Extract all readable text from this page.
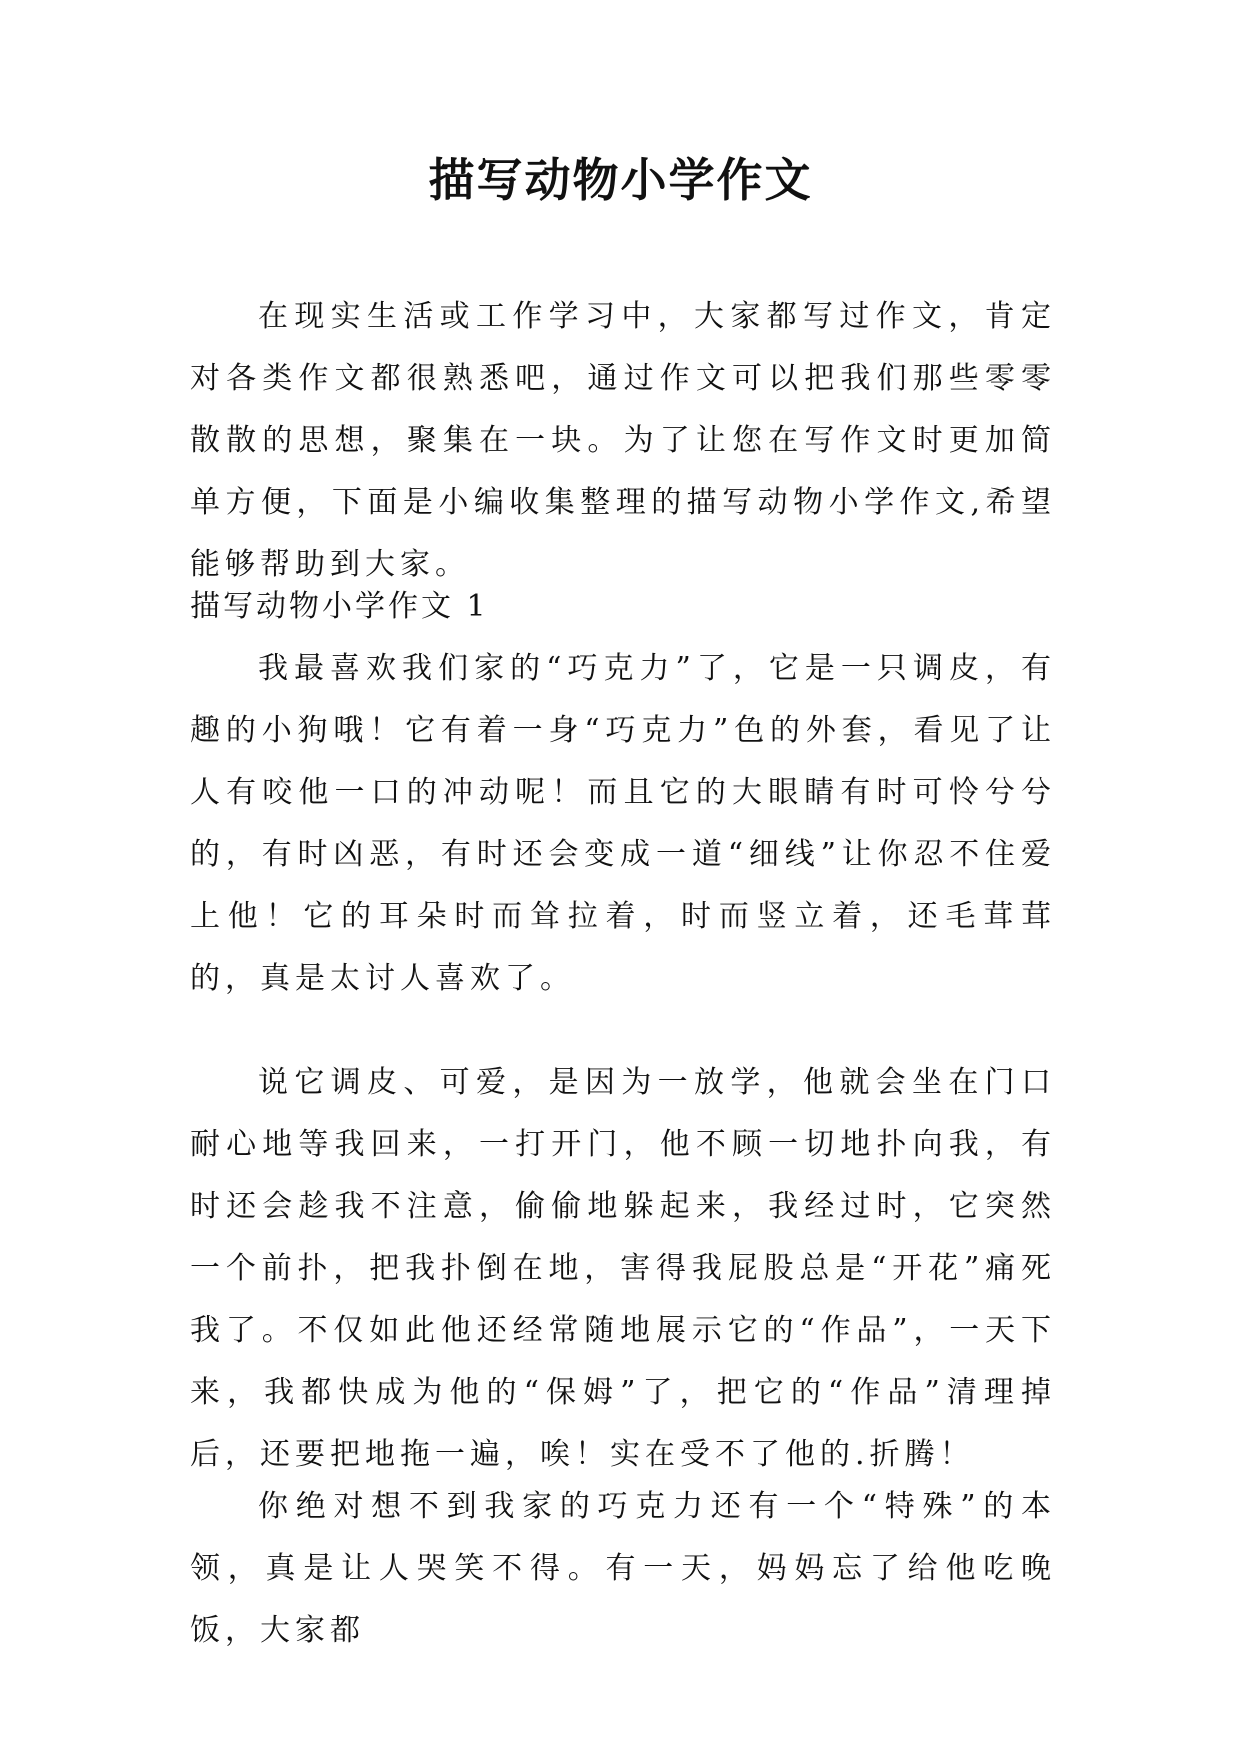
描写动物小学作文

在现实生活或工作学习中，大家都写过作文，肯定对各类作文都很熟悉吧，通过作文可以把我们那些零零散散的思想，聚集在一块。为了让您在写作文时更加简单方便，下面是小编收集整理的描写动物小学作文,希望能够帮助到大家。

描写动物小学作文 1

我最喜欢我们家的“巧克力”了，它是一只调皮，有趣的小狗哦！它有着一身“巧克力”色的外套，看见了让人有咬他一口的冲动呢！而且它的大眼睛有时可怜兮兮的，有时凶恶，有时还会变成一道“细线”让你忍不住爱上他！它的耳朵时而耸拉着，时而竖立着，还毛茸茸的，真是太讨人喜欢了。

说它调皮、可爱，是因为一放学，他就会坐在门口耐心地等我回来，一打开门，他不顾一切地扑向我，有时还会趁我不注意，偷偷地躲起来，我经过时，它突然一个前扑，把我扑倒在地，害得我屁股总是“开花”痛死我了。不仅如此他还经常随地展示它的“作品”，一天下来，我都快成为他的“保姆”了，把它的“作品”清理掉后，还要把地拖一遍，唉！实在受不了他的.折腾！

你绝对想不到我家的巧克力还有一个“特殊”的本领，真是让人哭笑不得。有一天，妈妈忘了给他吃晚饭，大家都
